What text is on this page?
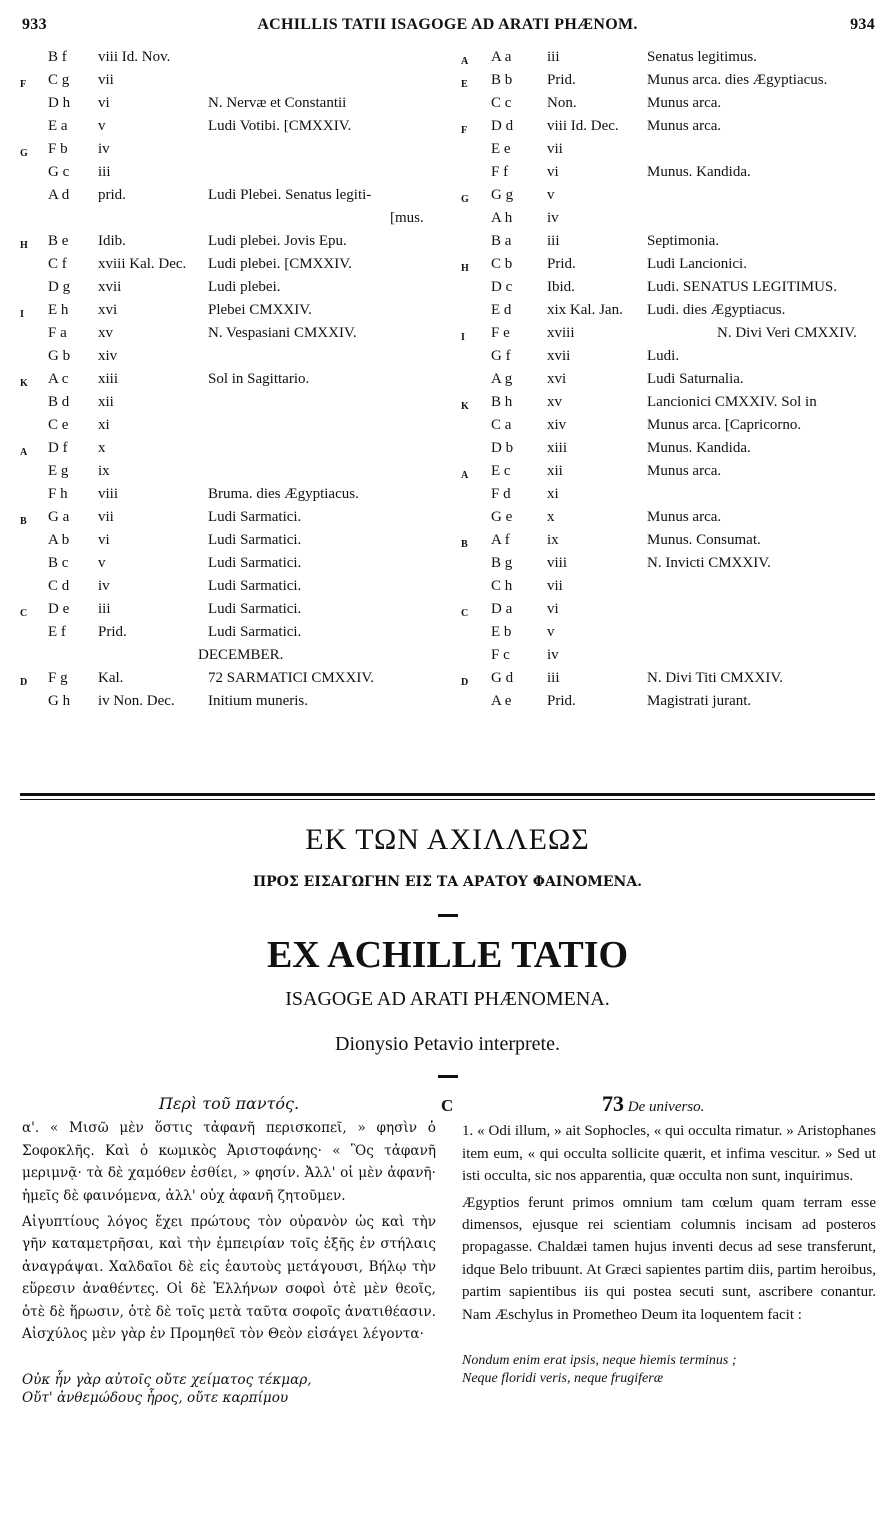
933	ACHILLIS TATII ISAGOGE AD ARATI PHÆNOM.	934
B f viii Id. Nov.
F C g vii
D h vi	N. Nervæ et Constantii
E a v	Ludi Votibi. [CMXXIV.
G F b iv
G c iii
A d prid.	Ludi Plebei. Senatus legiti-
[mus.
H B e Idib.	Ludi plebei. Jovis Epu.
C f xviii Kal. Dec. Ludi plebei. [CMXXIV.
D g xvii	Ludi plebei.
I E h xvi	Plebei CMXXIV.
F a xv	N. Vespasiani CMXXIV.
G b xiv
K A c xiii	Sol in Sagittario.
B d xii
C e xi
A D f x
E g ix
F h viii	Bruma. dies Ægyptiacus.
B G a vii	Ludi Sarmatici.
A b vi	Ludi Sarmatici.
B c v	Ludi Sarmatici.
C d iv	Ludi Sarmatici.
C D e iii	Ludi Sarmatici.
E f Prid.	Ludi Sarmatici.
DECEMBER.
D F g Kal.	72 SARMATICI CMXXIV.
G h iv Non. Dec. Initium muneris.
A A a iii	Senatus legitimus.
E B b Prid.	Munus arca. dies Ægyptiacus.
C c Non.	Munus arca.
F D d viii Id. Dec. Munus arca.
E e vii
F f	vi	Munus. Kandida.
G G g v
A h iv
B a iii	Septimonia.
H C b Prid.	Ludi Lancionici.
D c Ibid.	Ludi. SENATUS LEGITIMUS.
E d xix Kal. Jan. Ludi. dies Ægyptiacus.
I F e xviii	N. Divi Veri CMXXIV.
G f xvii	Ludi.
A g xvi	Ludi Saturnalia.
K B h xv	Lancionici CMXXIV. Sol in
C a xiv	Munus arca. [Capricorno.
D b xiii	Munus. Kandida.
A E c xii	Munus arca.
F d xi
G e x	Munus arca.
B A f ix	Munus. Consumat.
B g viii	N. Invicti CMXXIV.
C h vii
C D a vi
E b v
F c iv
D G d iii	N. Divi Titi CMXXIV.
A e Prid.	Magistrati jurant.
ΕΚ ΤΩΝ ΑΧΙΛΛΕΩΣ
ΠΡΟΣ ΕΙΣΑΓΩΓΗΝ ΕΙΣ ΤΑ ΑΡΑΤΟΥ ΦΑΙΝΟΜΕΝΑ.
EX ACHILLE TATIO
ISAGOGE AD ARATI PHÆNOMENA.
Dionysio Petavio interprete.
Περὶ τοῦ παντός.

α'. « Μισῶ μὲν ὅστις τἀφανῆ περισκοπεῖ, » φησὶν ὁ Σοφοκλῆς. Καὶ ὁ κωμικὸς Ἀριστοφάνης· « Ὃς τἀφανῆ μεριμνᾷ· τὰ δὲ χαμόθεν ἐσθίει, » φησίν. Ἀλλ' οἱ μὲν ἀφανῆ· ἡμεῖς δὲ φαινόμενα, ἀλλ' οὐχ ἀφανῆ ζητοῦμεν.

Αἰγυπτίους λόγος ἔχει πρώτους τὸν οὐρανὸν ὡς καὶ τὴν γῆν καταμετρῆσαι, καὶ τὴν ἐμπειρίαν τοῖς ἑξῆς ἐν στήλαις ἀναγράψαι. Χαλδαῖοι δὲ εἰς ἑαυτοὺς μετάγουσι, Βήλῳ τὴν εὕρεσιν ἀναθέντες. Οἱ δὲ Ἑλλήνων σοφοὶ ὁτὲ μὲν θεοῖς, ὁτὲ δὲ ἥρωσιν, ὁτὲ δὲ τοῖς μετὰ ταῦτα σοφοῖς ἀνατιθέασιν. Αἰσχύλος μὲν γὰρ ἐν Προμηθεῖ τὸν Θεὸν εἰσάγει λέγοντα·

Οὐκ ἦν γὰρ αὐτοῖς οὔτε χείματος τέκμαρ,
Οὔτ' ἀνθεμώδους ἦρος, οὔτε καρπίμου
C	73 De universo.

1. « Odi illum, » ait Sophocles, « qui occulta rimatur. » Aristophanes item eum, « qui occulta sollicite quærit, et infima vescitur. » Sed ut isti occulta, sic nos apparentia, quæ occulta non sunt, inquirimus.

Ægyptios ferunt primos omnium tam cœlum quam terram esse dimensos, ejusque rei scientiam columnis incisam ad posteros propagasse. Chaldæi tamen hujus inventi decus ad sese transferunt, idque Belo tribuunt. At Græci sapientes partim diis, partim heroibus, partim sapientibus iis qui postea secuti sunt, ascribere conantur. Nam Æschylus in Prometheo Deum ita loquentem facit :

Nondum enim erat ipsis, neque hiemis terminus ;
Neque floridi veris, neque frugiferæ
